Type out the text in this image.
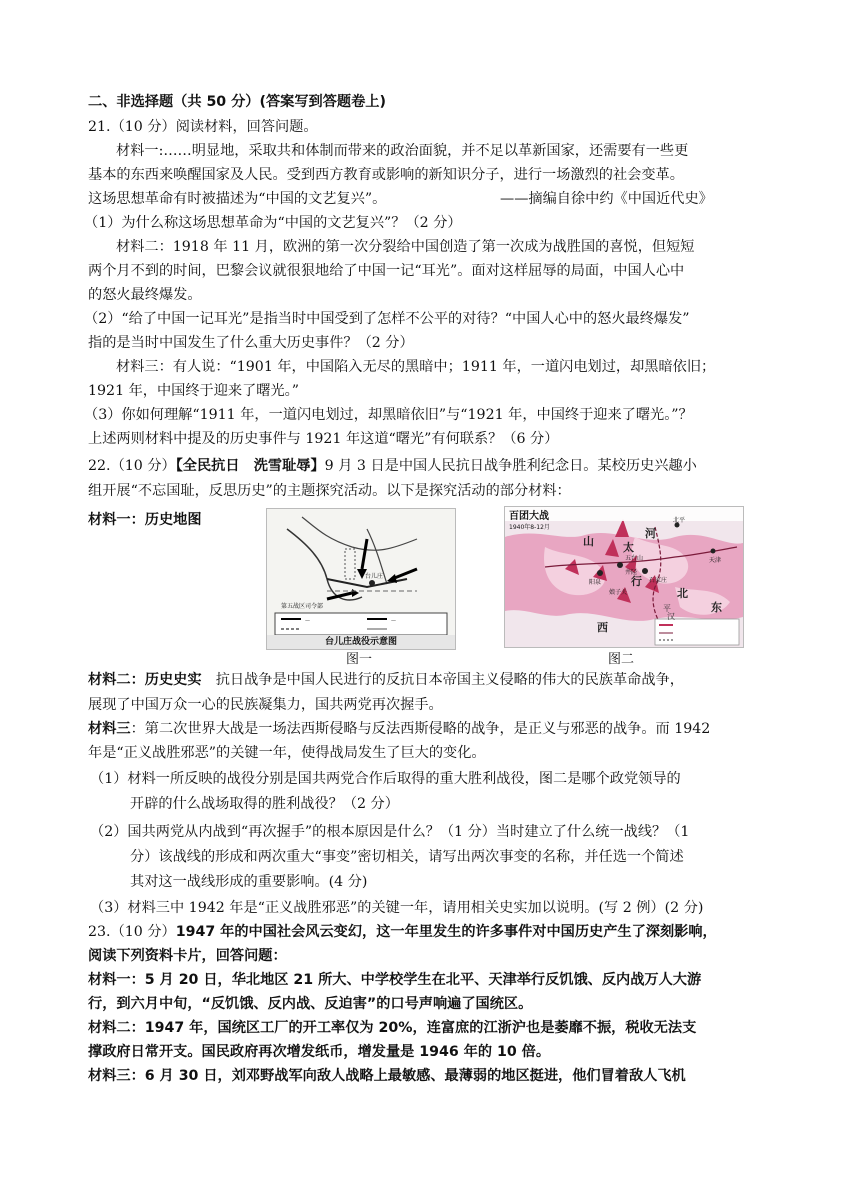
二、非选择题（共 50 分）(答案写到答题卷上)
21.（10 分）阅读材料，回答问题。
材料一:……明显地，采取共和体制而带来的政治面貌，并不足以革新国家，还需要有一些更
基本的东西来唤醒国家及人民。受到西方教育或影响的新知识分子，进行一场激烈的社会变革。
这场思想革命有时被描述为“中国的文艺复兴”。	——摘编自徐中约《中国近代史》
（1）为什么称这场思想革命为“中国的文艺复兴”？（2 分）
材料二：1918 年 11 月，欧洲的第一次分裂给中国创造了第一次成为战胜国的喜悦，但短短
两个月不到的时间，巴黎会议就很狠地给了中国一记“耳光”。面对这样屈辱的局面，中国人心中
的怒火最终爆发。
（2）“给了中国一记耳光”是指当时中国受到了怎样不公平的对待？“中国人心中的怒火最终爆发”
指的是当时中国发生了什么重大历史事件？（2 分）
材料三：有人说：“1901 年，中国陷入无尽的黑暗中；1911 年，一道闪电划过，却黑暗依旧；
1921 年，中国终于迎来了曙光。”
（3）你如何理解“1911 年，一道闪电划过，却黑暗依旧”与“1921 年，中国终于迎来了曙光。”？
上述两则材料中提及的历史事件与 1921 年这道“曙光”有何联系？（6 分）
22.（10 分）【全民抗日　洗雪耻辱】9 月 3 日是中国人民抗日战争胜利纪念日。某校历史兴趣小
组开展“不忘国耻，反思历史”的主题探究活动。以下是探究活动的部分材料：
材料一：历史地图
—	—
第五战区司令部
台儿庄
台儿庄战役示意图
图一
百团大战
1940年8-12月
山
西
北
东
太
行
河
北平
天津
五台山
石家庄
阳泉
井陉
娘子关
平
汉
图二
材料二：历史史实　 抗日战争是中国人民进行的反抗日本帝国主义侵略的伟大的民族革命战争，
展现了中国万众一心的民族凝集力，国共两党再次握手。
材料三：第二次世界大战是一场法西斯侵略与反法西斯侵略的战争，是正义与邪恶的战争。而 1942
年是“正义战胜邪恶”的关键一年，使得战局发生了巨大的变化。
（1）材料一所反映的战役分别是国共两党合作后取得的重大胜利战役，图二是哪个政党领导的
开辟的什么战场取得的胜利战役？（2 分）
（2）国共两党从内战到“再次握手”的根本原因是什么？（1 分）当时建立了什么统一战线？（1
分）该战线的形成和两次重大“事变”密切相关，请写出两次事变的名称，并任选一个简述
其对这一战线形成的重要影响。(4 分)
（3）材料三中 1942 年是“正义战胜邪恶”的关键一年，请用相关史实加以说明。(写 2 例）(2 分)
23.（10 分）1947 年的中国社会风云变幻，这一年里发生的许多事件对中国历史产生了深刻影响，
阅读下列资料卡片，回答问题：
材料一：5 月 20 日，华北地区 21 所大、中学校学生在北平、天津举行反饥饿、反内战万人大游
行，到六月中旬，“反饥饿、反内战、反迫害”的口号声响遍了国统区。
材料二：1947 年，国统区工厂的开工率仅为 20%，连富庶的江浙沪也是萎靡不振，税收无法支
撑政府日常开支。国民政府再次增发纸币，增发量是 1946 年的 10 倍。
材料三：6 月 30 日，刘邓野战军向敌人战略上最敏感、最薄弱的地区挺进，他们冒着敌人飞机
